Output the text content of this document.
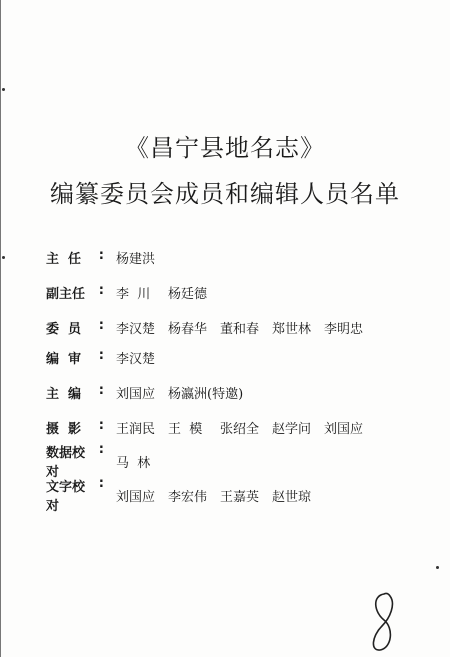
《昌宁县地名志》
编纂委员会成员和编辑人员名单
主  任 : 杨建洪
副主任 : 李  川	杨廷德
委  员 : 李汉楚 杨春华 董和春 郑世林 李明忠
编  审 : 李汉楚
主  编 : 刘国应 杨瀛洲(特邀)
摄  影 : 王润民 王  模	张绍全 赵学问 刘国应
数据校对
:
马  林
文字校对
:
刘国应 李宏伟 王嘉英 赵世琼
